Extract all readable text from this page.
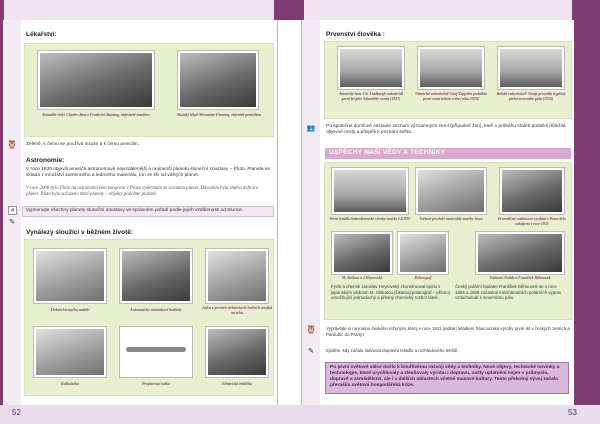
52	53
Lékařství:
Kanadští vědci Charles Best a Frederick Banting, objevitelé inzulinu	Skotský lékař Alexander Fleming, objevitel penicilinu
🦉 Zeleně, k čemu se používá inzulin a k čemu penicilin.
Astronomie:
V roce 1930 objevili američtí astronomové nejvzdálenější a nejmenší planetu sluneční soustavy – Pluto. Planeta se skládá z množství kamenného a ledového materiálu, tím se liší od velkých planet.
V roce 2006 bylo Pluto na astronomickém kongresu v Praze vyškrtnuto ze seznamu planet. Důvodem byla změna definice planet. Pluto bylo zařazeno mezi planety – objekty podobné planetě.
#	Vyjmenujte všechny planety sluneční soustavy ve správném pořadí podle jejich vzdálenosti od Slunce.
✎
Vynálezy sloužící v běžném životě:
Elektrická myčka nádobí	Automatické náramkové hodinky	Jeden z prvních elektrických holicích strojků na trhu
Kalkulačka	Propisovací tužka	Elektrická žehlička
Prvenství člověka :
Americký letec Ch. Lindbergh uskutečnil první let přes Atlantický oceán (1927)
Německá vzducholoď Graf Zeppelin podnikla první cestu kolem světa (roku 1929)
Italská vzducholoď Norge provedla úspěšný přelet severního pólu (1926)
👥 Po společné domluvě sestavte seznam významných zemí (případně žen), kteří v průběhu staletí podnikli důležitá objevné cesty a přispěli k poznání světa.
ÚSPĚCHY NAŠÍ VĚDY A TECHNIKY
První letadlo československé výroby značky LETOV	Světově proslulé motocykly značky Jawa	Prorodičné rozhlasové vysílání v Praze bylo zahájeno v roce 1923
M. Shikata a J.Heyrovský	Polarograf	Umberto Nobile a František Běhounek
Fyzik a chemik Jaroslav Heyrovský zkonstruoval spolu s japonským vědcem M. Shikatou [šikatou] polarograf – přístroj umožňující jednoduchý a přesný chemický rozbor látek.
Český polární badatel František Běhounek se v roce 1926 a 1928 zúčastnil mezinárodních polárních výprav vzducholodí s severnímu pólu.
🦉 Vyprávějte si na jméno českého inženýra, který v roce 1911 podnikl letadlem francouzské výroby první let v českých zemích a Pardubic do Prahy?
✎	Zjistěte, kdy začalo stavovat dopravní letadlo a rozhledového letiště.

Po první světové válce došlo k bouřlivému rozvoji vědy a techniky. Nové objevy, technické novinky a technologie, které urychlovaly a zlevňovaly výrobu i dopravu, našly uplatnění nejen v průmyslu, dopravě a zemědělství, ale i v dalších oblastech včetně masové kultury. Tento překotný vývoj začala přerušila světová hospodářská krize.
